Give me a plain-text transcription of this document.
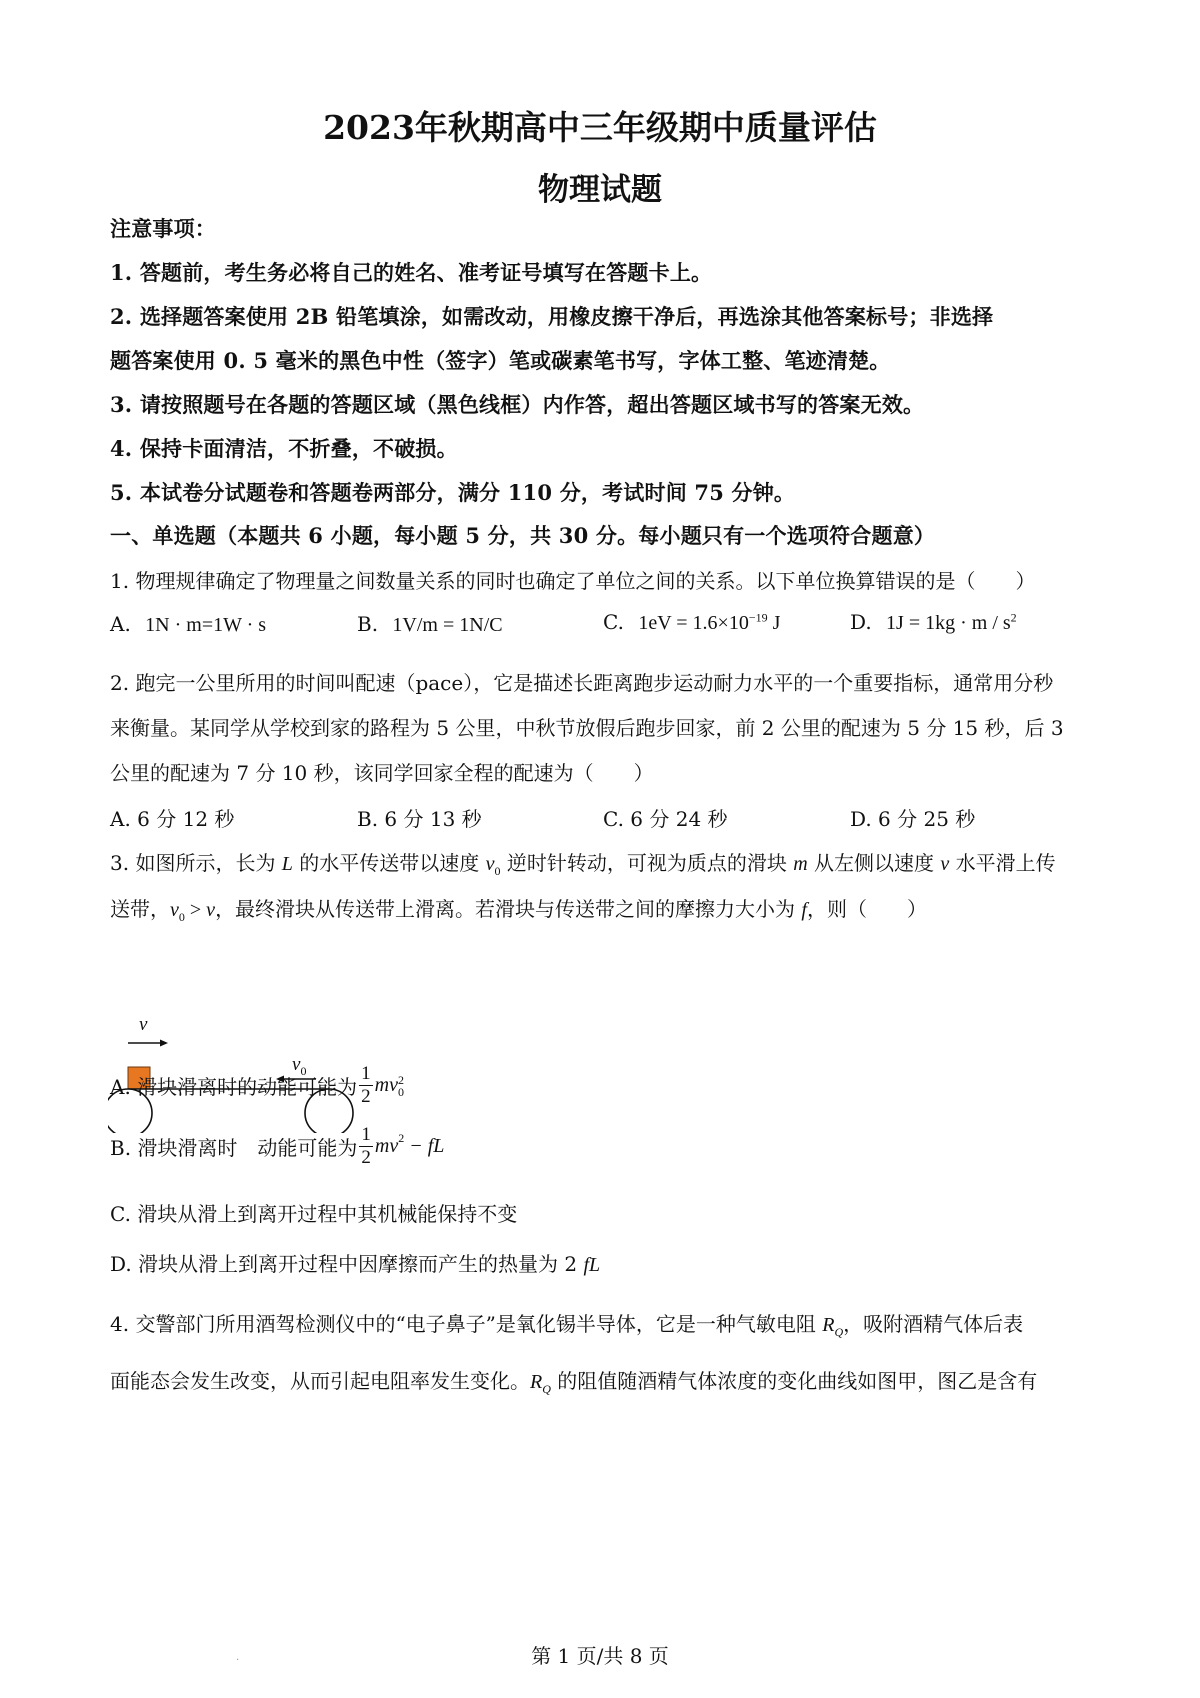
2023年秋期高中三年级期中质量评估
物理试题
注意事项：
1. 答题前，考生务必将自己的姓名、准考证号填写在答题卡上。
2. 选择题答案使用 2B 铅笔填涂，如需改动，用橡皮擦干净后，再选涂其他答案标号；非选择
题答案使用 0. 5 毫米的黑色中性（签字）笔或碳素笔书写，字体工整、笔迹清楚。
3. 请按照题号在各题的答题区域（黑色线框）内作答，超出答题区域书写的答案无效。
4. 保持卡面清洁，不折叠，不破损。
5. 本试卷分试题卷和答题卷两部分，满分 110 分，考试时间 75 分钟。
一、单选题（本题共 6 小题，每小题 5 分，共 30 分。每小题只有一个选项符合题意）
1. 物理规律确定了物理量之间数量关系的同时也确定了单位之间的关系。以下单位换算错误的是（　　）
A. 1N · m=1W · s	B. 1V/m = 1N/C	C. $1eV = 1.6\times 10^{-19}$ J	D. $1J = 1kg \cdot m / s^2$
2. 跑完一公里所用的时间叫配速（pace），它是描述长距离跑步运动耐力水平的一个重要指标，通常用分秒
来衡量。某同学从学校到家的路程为 5 公里，中秋节放假后跑步回家，前 2 公里的配速为 5 分 15 秒，后 3
公里的配速为 7 分 10 秒，该同学回家全程的配速为（　　）
A. 6 分 12 秒	B. 6 分 13 秒	C. 6 分 24 秒	D. 6 分 25 秒
3. 如图所示，长为 L 的水平传送带以速度 $v_0$ 逆时针转动，可视为质点的滑块 m 从左侧以速度 v 水平滑上传
送带，$v_0 > v$，最终滑块从传送带上滑离。若滑块与传送带之间的摩擦力大小为 f，则（　　）
v
$v_0$
A. 滑块滑离时的动能可能为 $\frac{1}{2}$ mv 2
0
B. 滑块滑离时　动能可能为 $\frac{1}{2} mv^2$ − fL
C. 滑块从滑上到离开过程中其机械能保持不变
D. 滑块从滑上到离开过程中因摩擦而产生的热量为 2 fL
4. 交警部门所用酒驾检测仪中的“电子鼻子”是氧化锡半导体，它是一种气敏电阻 $R_Q$，吸附酒精气体后表
面能态会发生改变，从而引起电阻率发生变化。$R_Q$ 的阻值随酒精气体浓度的变化曲线如图甲，图乙是含有
·	第 1 页/共 8 页
